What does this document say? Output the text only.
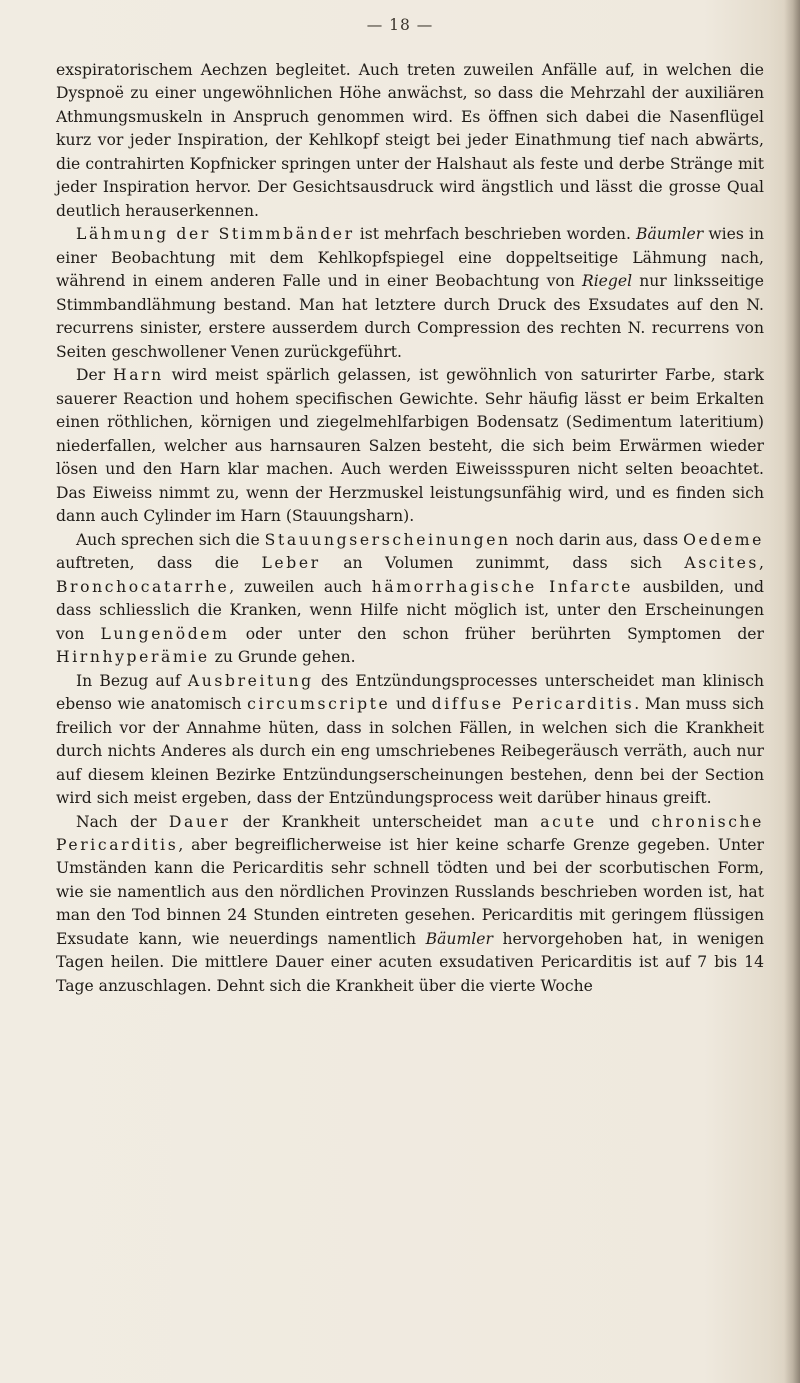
— 18 —

exspiratorischem Aechzen begleitet. Auch treten zuweilen Anfälle auf, in welchen die Dyspnoë zu einer ungewöhnlichen Höhe anwächst, so dass die Mehrzahl der auxiliären Athmungsmuskeln in Anspruch genommen wird. Es öffnen sich dabei die Nasenflügel kurz vor jeder Inspiration, der Kehlkopf steigt bei jeder Einathmung tief nach abwärts, die contrahirten Kopfnicker springen unter der Halshaut als feste und derbe Stränge mit jeder Inspiration hervor. Der Gesichtsausdruck wird ängstlich und lässt die grosse Qual deutlich herauserkennen.

Lähmung der Stimmbänder ist mehrfach beschrieben worden. Bäumler wies in einer Beobachtung mit dem Kehlkopfspiegel eine doppeltseitige Lähmung nach, während in einem anderen Falle und in einer Beobachtung von Riegel nur linksseitige Stimmbandlähmung bestand. Man hat letztere durch Druck des Exsudates auf den N. recurrens sinister, erstere ausserdem durch Compression des rechten N. recurrens von Seiten geschwollener Venen zurückgeführt.

Der Harn wird meist spärlich gelassen, ist gewöhnlich von saturirter Farbe, stark sauerer Reaction und hohem specifischen Gewichte. Sehr häufig lässt er beim Erkalten einen röthlichen, körnigen und ziegelmehlfarbigen Bodensatz (Sedimentum lateritium) niederfallen, welcher aus harnsauren Salzen besteht, die sich beim Erwärmen wieder lösen und den Harn klar machen. Auch werden Eiweissspuren nicht selten beoachtet. Das Eiweiss nimmt zu, wenn der Herzmuskel leistungsunfähig wird, und es finden sich dann auch Cylinder im Harn (Stauungsharn).

Auch sprechen sich die Stauungserscheinungen noch darin aus, dass Oedeme auftreten, dass die Leber an Volumen zunimmt, dass sich Ascites, Bronchocatarrhe, zuweilen auch hämorrhagische Infarcte ausbilden, und dass schliesslich die Kranken, wenn Hilfe nicht möglich ist, unter den Erscheinungen von Lungenödem oder unter den schon früher berührten Symptomen der Hirnhyperämie zu Grunde gehen.

In Bezug auf Ausbreitung des Entzündungsprocesses unterscheidet man klinisch ebenso wie anatomisch circumscripte und diffuse Pericarditis. Man muss sich freilich vor der Annahme hüten, dass in solchen Fällen, in welchen sich die Krankheit durch nichts Anderes als durch ein eng umschriebenes Reibegeräusch verräth, auch nur auf diesem kleinen Bezirke Entzündungserscheinungen bestehen, denn bei der Section wird sich meist ergeben, dass der Entzündungsprocess weit darüber hinaus greift.

Nach der Dauer der Krankheit unterscheidet man acute und chronische Pericarditis, aber begreiflicherweise ist hier keine scharfe Grenze gegeben. Unter Umständen kann die Pericarditis sehr schnell tödten und bei der scorbutischen Form, wie sie namentlich aus den nördlichen Provinzen Russlands beschrieben worden ist, hat man den Tod binnen 24 Stunden eintreten gesehen. Pericarditis mit geringem flüssigen Exsudate kann, wie neuerdings namentlich Bäumler hervorgehoben hat, in wenigen Tagen heilen. Die mittlere Dauer einer acuten exsudativen Pericarditis ist auf 7 bis 14 Tage anzuschlagen. Dehnt sich die Krankheit über die vierte Woche
